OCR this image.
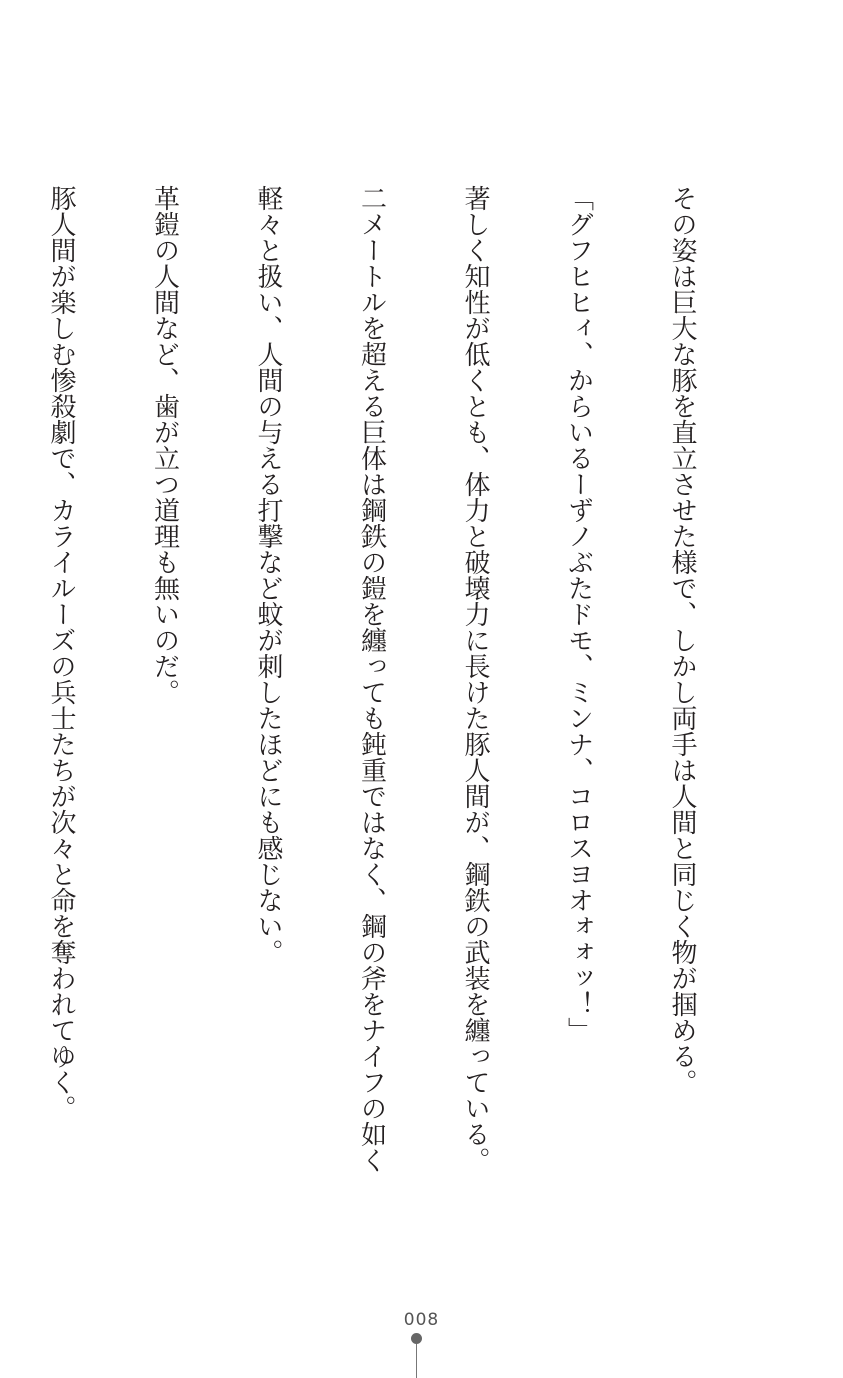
その姿は巨大な豚を直立させた様で、しかし両手は人間と同じく物が掴める。

「グフヒヒィ、からいるーずノぶたドモ、ミンナ、コロスヨオォォッ！」

著しく知性が低くとも、体力と破壊力に長けた豚人間が、鋼鉄の武装を纏っている。

二メートルを超える巨体は鋼鉄の鎧を纏っても鈍重ではなく、鋼の斧をナイフの如く

軽々と扱い、人間の与える打撃など蚊が刺したほどにも感じない。

革鎧の人間など、歯が立つ道理も無いのだ。

豚人間が楽しむ惨殺劇で、カライルーズの兵士たちが次々と命を奪われてゆく。

008
